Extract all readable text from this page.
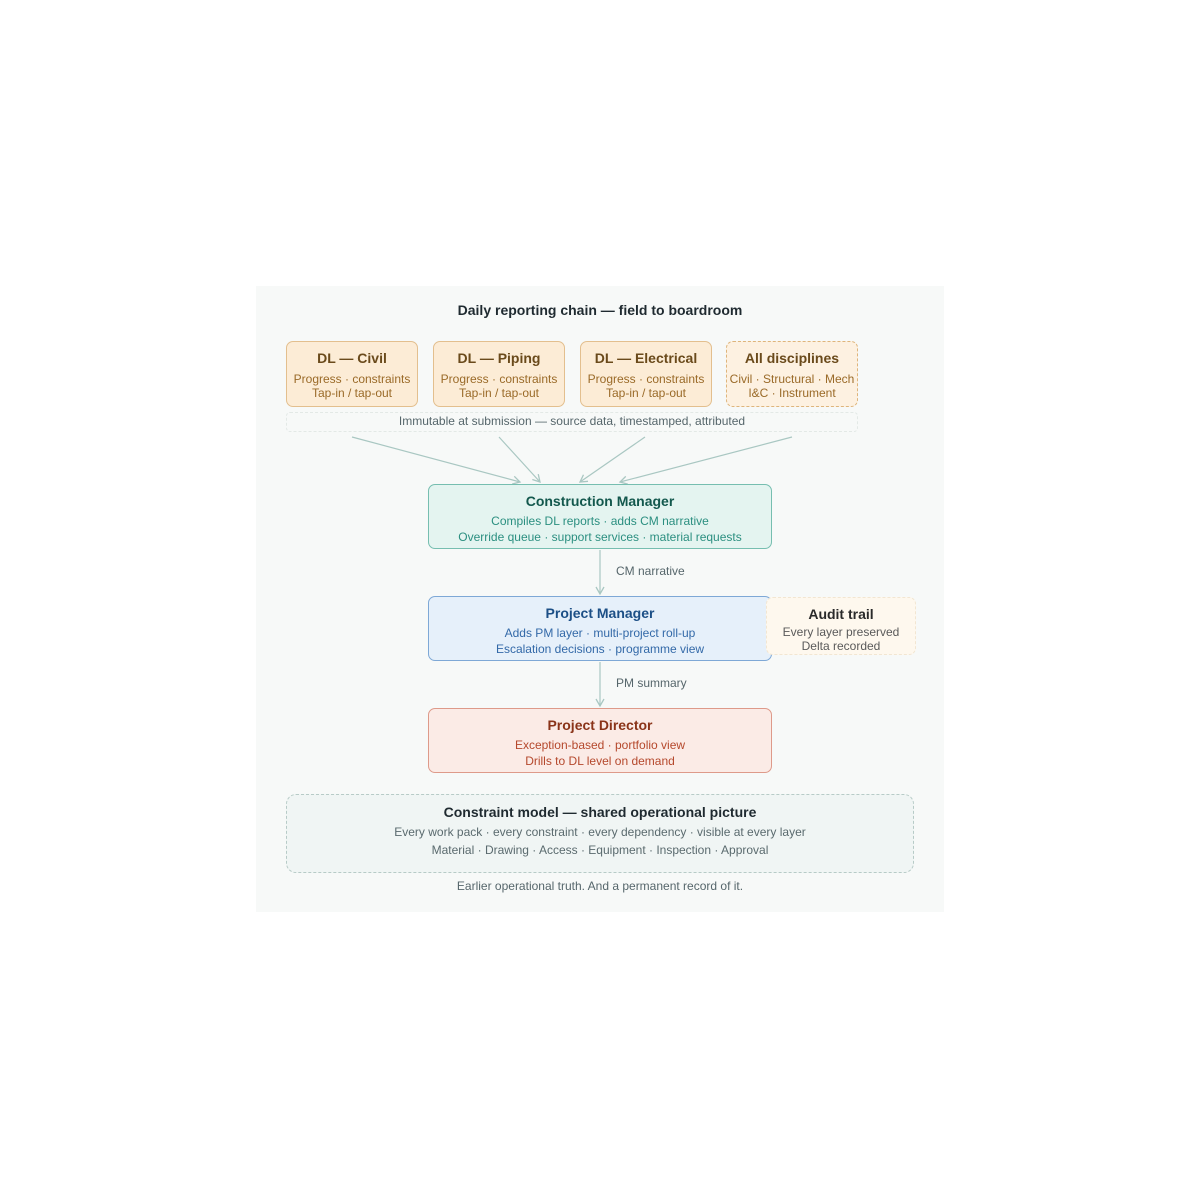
Daily reporting chain — field to boardroom
DL — Civil
Progress · constraints
Tap-in / tap-out
DL — Piping
Progress · constraints
Tap-in / tap-out
DL — Electrical
Progress · constraints
Tap-in / tap-out
All disciplines
Civil · Structural · Mech
I&C · Instrument
Immutable at submission — source data, timestamped, attributed
Construction Manager
Compiles DL reports · adds CM narrative
Override queue · support services · material requests
CM narrative
Project Manager
Adds PM layer · multi-project roll-up
Escalation decisions · programme view
Audit trail
Every layer preserved
Delta recorded
PM summary
Project Director
Exception-based · portfolio view
Drills to DL level on demand
Constraint model — shared operational picture
Every work pack · every constraint · every dependency · visible at every layer
Material · Drawing · Access · Equipment · Inspection · Approval
Earlier operational truth. And a permanent record of it.
